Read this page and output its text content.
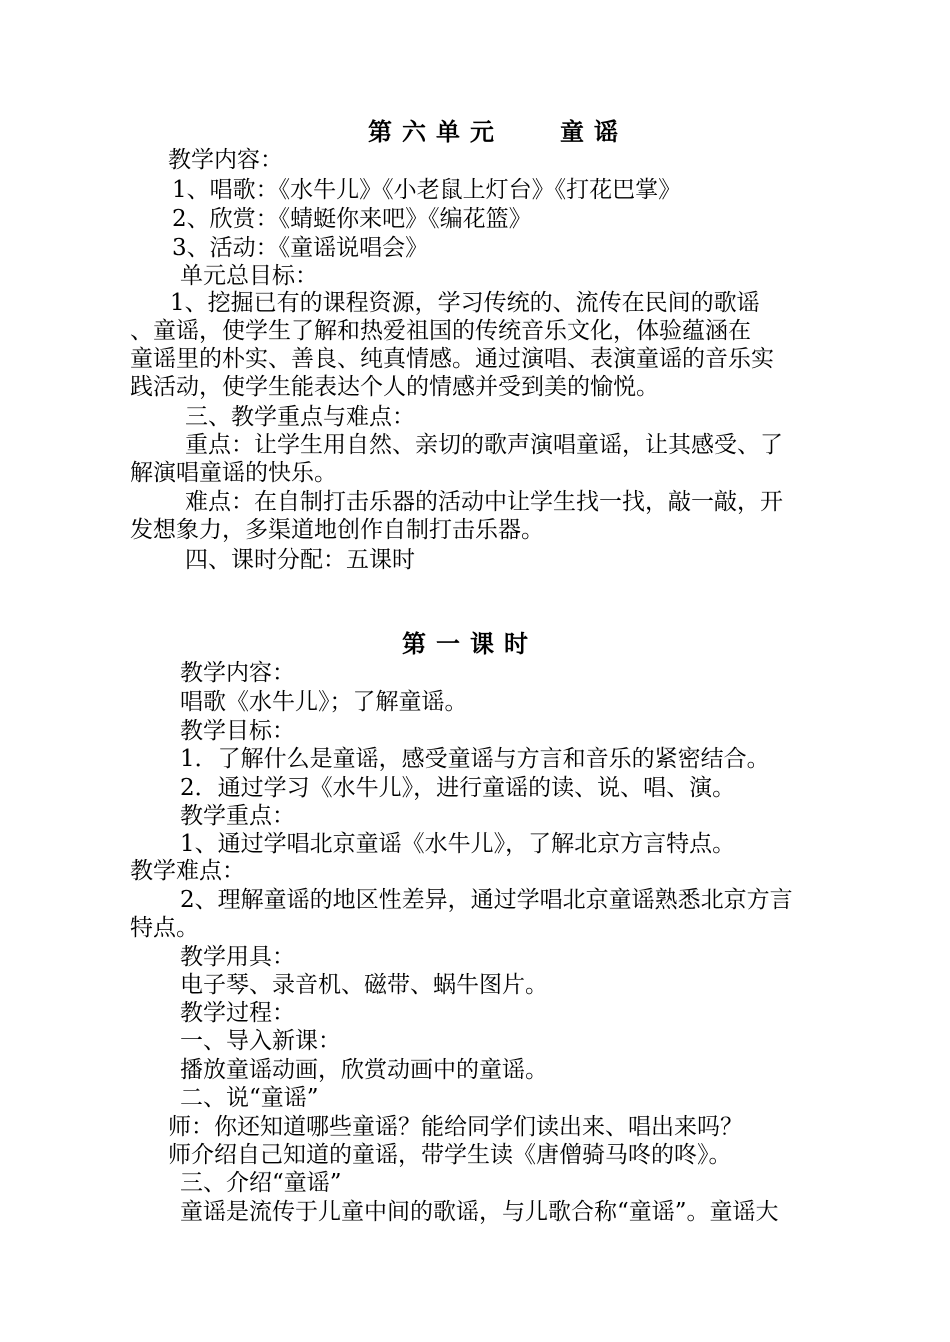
第六单元 童谣
教学内容：
1、唱歌：《水牛儿》《小老鼠上灯台》《打花巴掌》
2、欣赏：《蜻蜓你来吧》《编花篮》
3、活动：《童谣说唱会》
单元总目标：
1、挖掘已有的课程资源，学习传统的、流传在民间的歌谣
、童谣，使学生了解和热爱祖国的传统音乐文化，体验蕴涵在
童谣里的朴实、善良、纯真情感。通过演唱、表演童谣的音乐实
践活动，使学生能表达个人的情感并受到美的愉悦。
三、教学重点与难点：
重点：让学生用自然、亲切的歌声演唱童谣，让其感受、了
解演唱童谣的快乐。
难点：在自制打击乐器的活动中让学生找一找，敲一敲，开
发想象力，多渠道地创作自制打击乐器。
四、课时分配：五课时
第一课时
教学内容：
唱歌《水牛儿》；了解童谣。
教学目标：
1．了解什么是童谣，感受童谣与方言和音乐的紧密结合。
2．通过学习《水牛儿》，进行童谣的读、说、唱、演。
教学重点：
1、通过学唱北京童谣《水牛儿》，了解北京方言特点。
教学难点：
2、理解童谣的地区性差异，通过学唱北京童谣熟悉北京方言
特点。
教学用具：
电子琴、录音机、磁带、蜗牛图片。
教学过程：
一、导入新课：
播放童谣动画，欣赏动画中的童谣。
二、说“童谣”
师：你还知道哪些童谣？能给同学们读出来、唱出来吗？
师介绍自己知道的童谣，带学生读《唐僧骑马咚的咚》。
三、介绍“童谣”
童谣是流传于儿童中间的歌谣，与儿歌合称“童谣”。童谣大
